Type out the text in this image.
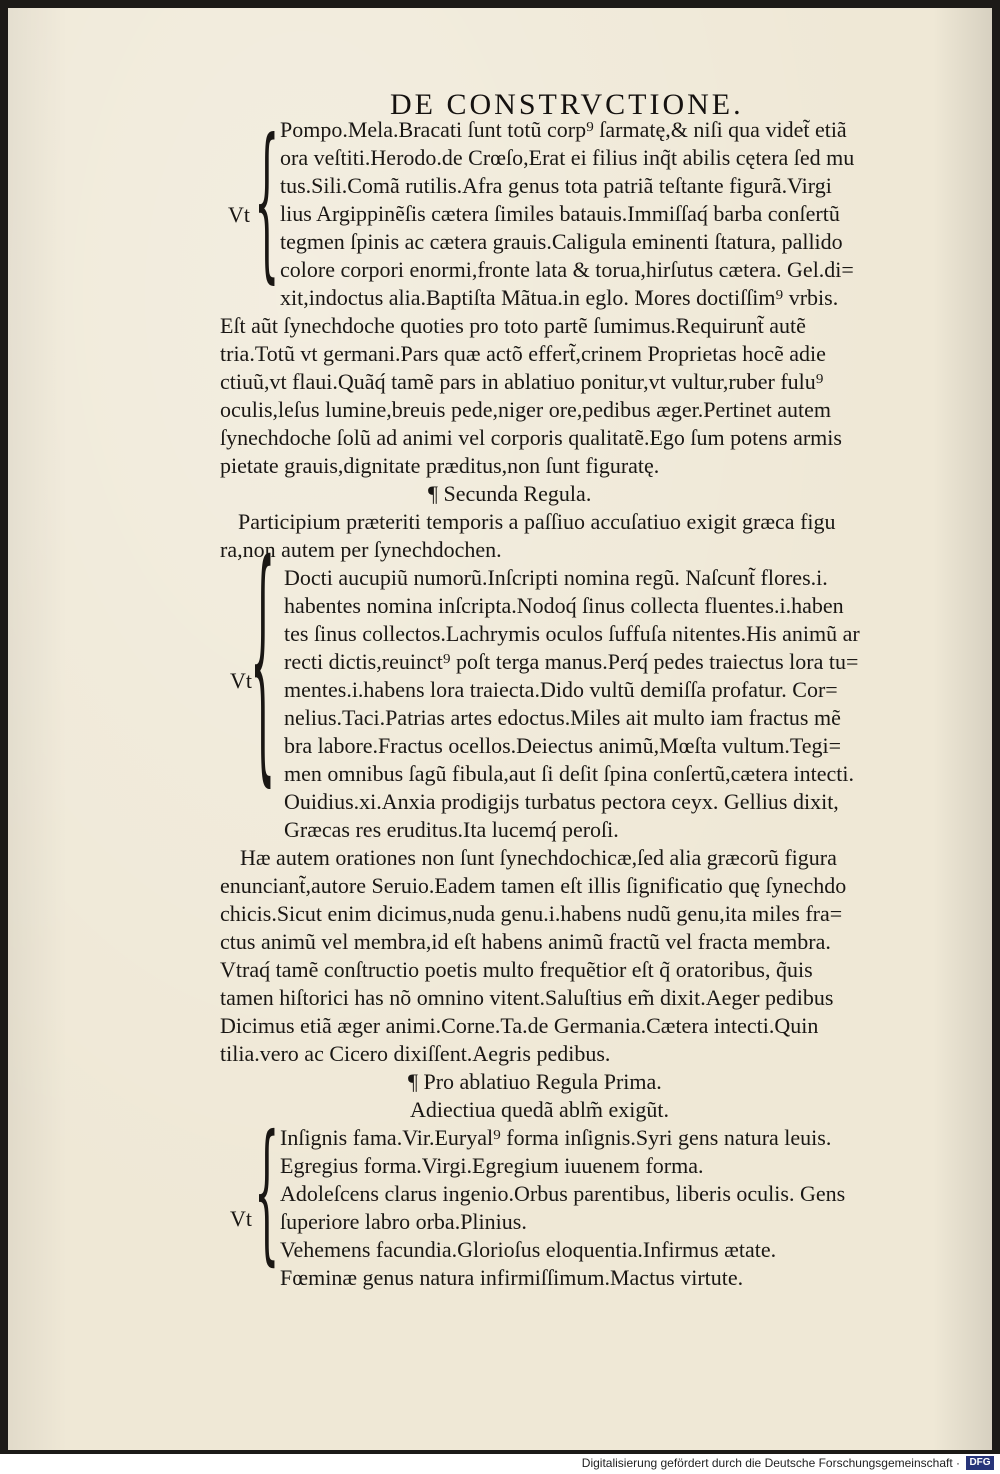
DE CONSTRVCTIONE.
{
Vt
Pompo.Mela.Bracati ſunt totũ corp⁹ ſarmatę,& niſi qua videt̃ etiã
ora veſtiti.Herodo.de Crœſo,Erat ei filius inq̃t abilis cętera ſed mu
tus.Sili.Comã rutilis.Afra genus tota patriã teſtante figurã.Virgi
lius Argippinẽſis cætera ſimiles batauis.Immiſſaq́ barba conſertũ
tegmen ſpinis ac cætera grauis.Caligula eminenti ſtatura, pallido
colore corpori enormi,fronte lata & torua,hirſutus cætera. Gel.di=
xit,indoctus alia.Baptiſta Mãtua.in eglo. Mores doctiſſim⁹ vrbis.
Eſt aũt ſynechdoche quoties pro toto partẽ ſumimus.Requirunt̃ autẽ
tria.Totũ vt germani.Pars quæ actõ effert̃,crinem Proprietas hocẽ adie
ctiuũ,vt flaui.Quãq́ tamẽ pars in ablatiuo ponitur,vt vultur,ruber fulu⁹
oculis,leſus lumine,breuis pede,niger ore,pedibus æger.Pertinet autem
ſynechdoche ſolũ ad animi vel corporis qualitatẽ.Ego ſum potens armis
pietate grauis,dignitate præditus,non ſunt figuratę.
¶ Secunda Regula.
Participium præteriti temporis a paſſiuo accuſatiuo exigit græca figu
ra,non autem per ſynechdochen.
{
Vt
Docti aucupiũ numorũ.Inſcripti nomina regũ. Naſcunt̃ flores.i.
habentes nomina inſcripta.Nodoq́ ſinus collecta fluentes.i.haben
tes ſinus collectos.Lachrymis oculos ſuffuſa nitentes.His animũ ar
recti dictis,reuinct⁹ poſt terga manus.Perq́ pedes traiectus lora tu=
mentes.i.habens lora traiecta.Dido vultũ demiſſa profatur. Cor=
nelius.Taci.Patrias artes edoctus.Miles ait multo iam fractus mẽ
bra labore.Fractus ocellos.Deiectus animũ,Mœſta vultum.Tegi=
men omnibus ſagũ fibula,aut ſi deſit ſpina conſertũ,cætera intecti.
Ouidius.xi.Anxia prodigijs turbatus pectora ceyx. Gellius dixit,
Græcas res eruditus.Ita lucemq́ peroſi.
Hæ autem orationes non ſunt ſynechdochicæ,ſed alia græcorũ figura
enunciant̃,autore Seruio.Eadem tamen eſt illis ſignificatio quę ſynechdo
chicis.Sicut enim dicimus,nuda genu.i.habens nudũ genu,ita miles fra=
ctus animũ vel membra,id eſt habens animũ fractũ vel fracta membra.
Vtraq́ tamẽ conſtructio poetis multo frequẽtior eſt q̃ oratoribus, q̃uis
tamen hiſtorici has nõ omnino vitent.Saluſtius em̃ dixit.Aeger pedibus
Dicimus etiã æger animi.Corne.Ta.de Germania.Cætera intecti.Quin
tilia.vero ac Cicero dixiſſent.Aegris pedibus.
¶ Pro ablatiuo Regula Prima.
Adiectiua quedã ablm̃ exigũt.
{
Vt
Inſignis fama.Vir.Euryal⁹ forma inſignis.Syri gens natura leuis.
Egregius forma.Virgi.Egregium iuuenem forma.
Adoleſcens clarus ingenio.Orbus parentibus, liberis oculis. Gens
ſuperiore labro orba.Plinius.
Vehemens facundia.Glorioſus eloquentia.Infirmus ætate.
Fœminæ genus natura infirmiſſimum.Mactus virtute.
Digitalisierung gefördert durch die Deutsche Forschungsgemeinschaft · DFG
